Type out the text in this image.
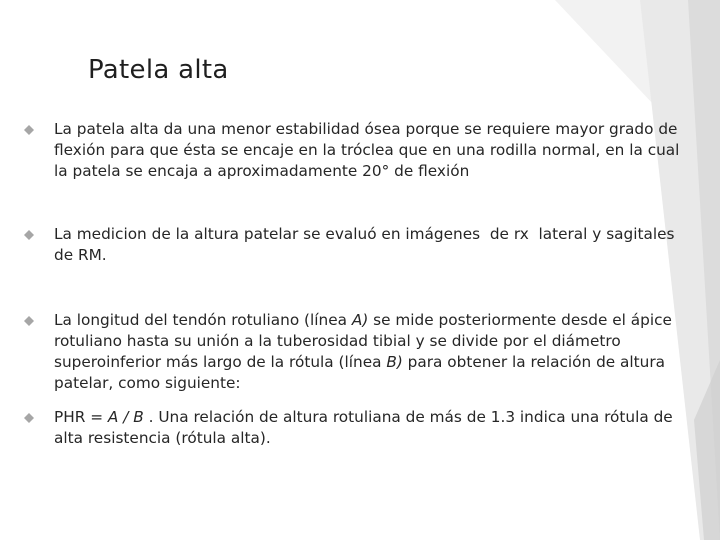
Patela alta
La patela alta da una menor estabilidad ósea porque se requiere mayor grado de flexión para que ésta se encaje en la tróclea que en una rodilla normal, en la cual la patela se encaja a aproximadamente 20° de flexión
La medicion de la altura patelar se evaluó en imágenes  de rx  lateral y sagitales de RM.
La longitud del tendón rotuliano (línea A) se mide posteriormente desde el ápice rotuliano hasta su unión a la tuberosidad tibial y se divide por el diámetro superoinferior más largo de la rótula (línea B) para obtener la relación de altura patelar, como siguiente:
PHR = A / B . Una relación de altura rotuliana de más de 1.3 indica una rótula de alta resistencia (rótula alta).
